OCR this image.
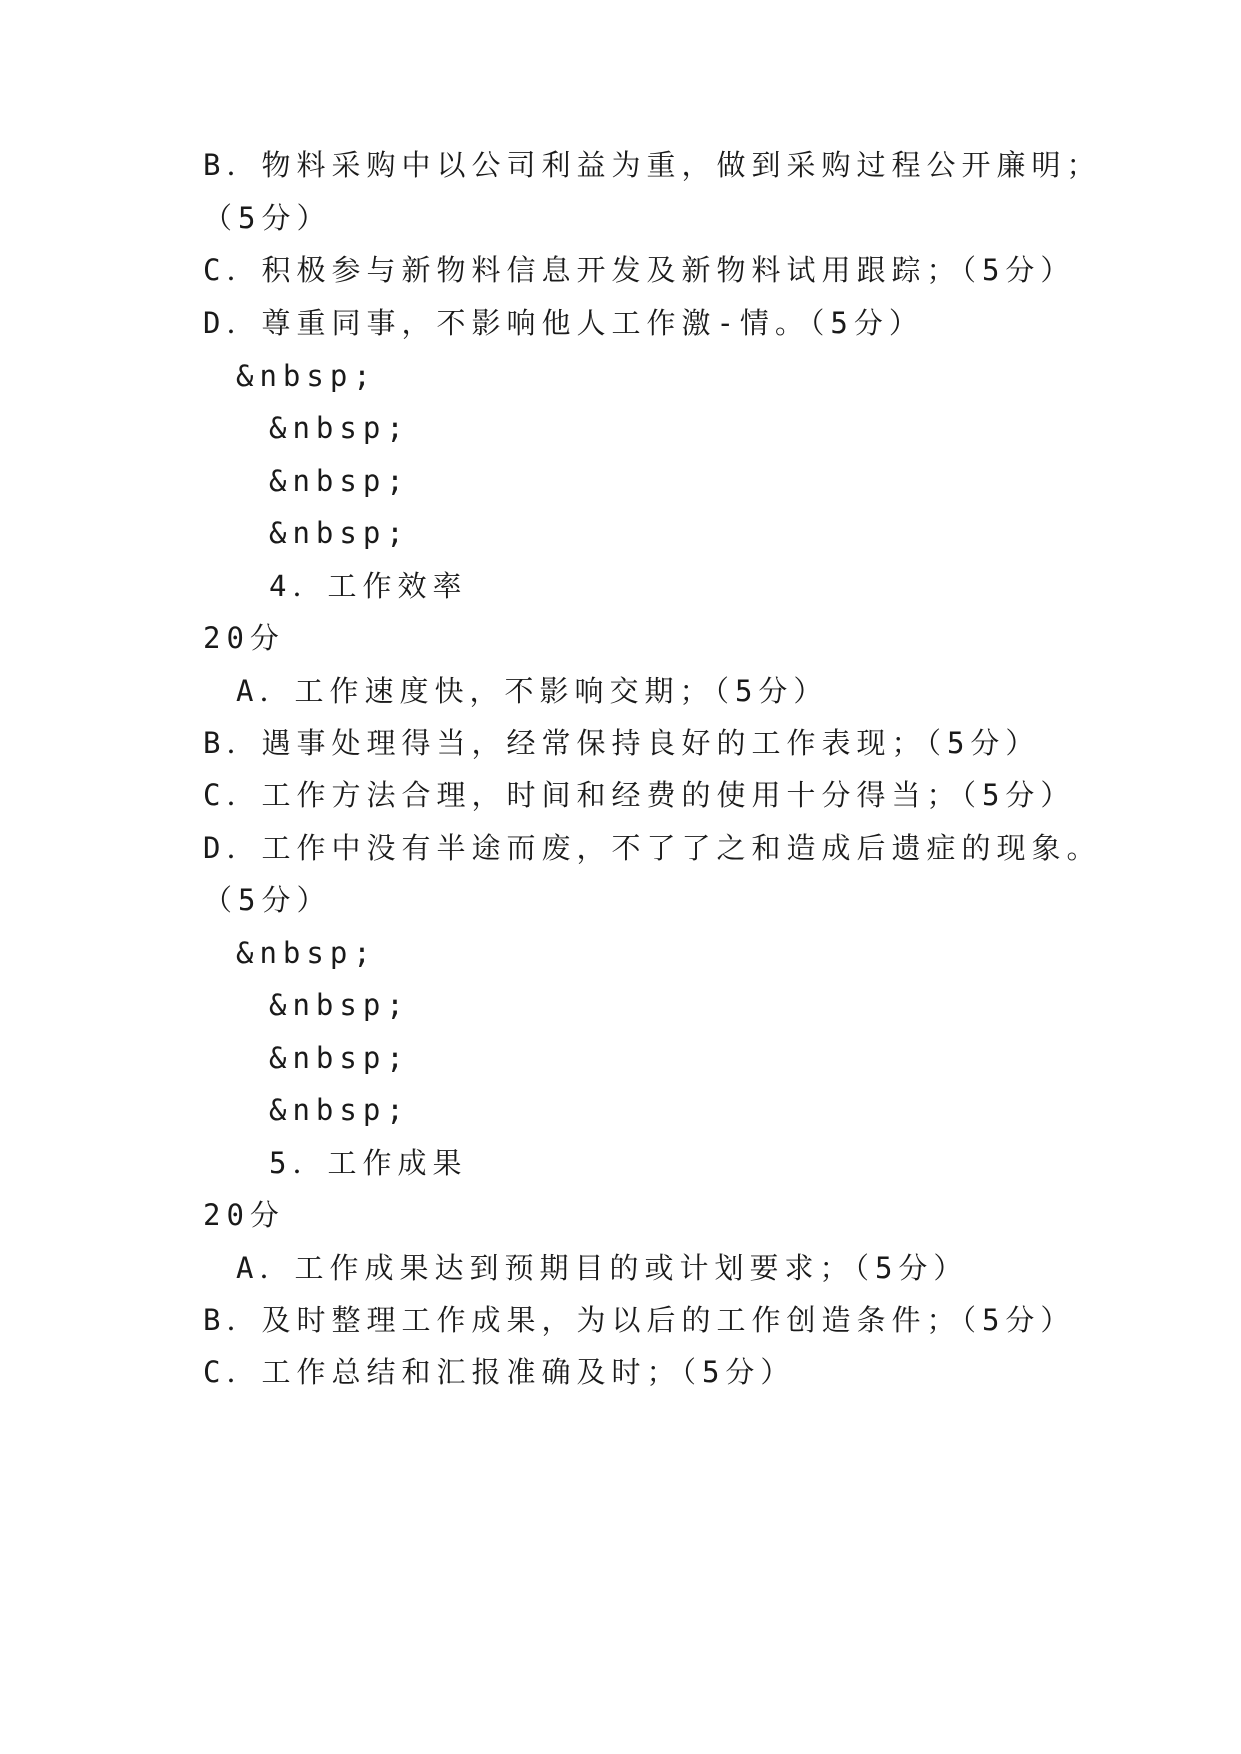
B．物料采购中以公司利益为重，做到采购过程公开廉明；
（5分）
C．积极参与新物料信息开发及新物料试用跟踪；（5分）
D．尊重同事，不影响他人工作激-情。（5分）
&nbsp;
&nbsp;
&nbsp;
&nbsp;
4．工作效率
20分
A．工作速度快，不影响交期；（5分）
B．遇事处理得当，经常保持良好的工作表现；（5分）
C．工作方法合理，时间和经费的使用十分得当；（5分）
D．工作中没有半途而废，不了了之和造成后遗症的现象。
（5分）
&nbsp;
&nbsp;
&nbsp;
&nbsp;
5．工作成果
20分
A．工作成果达到预期目的或计划要求；（5分）
B．及时整理工作成果，为以后的工作创造条件；（5分）
C．工作总结和汇报准确及时；（5分）
